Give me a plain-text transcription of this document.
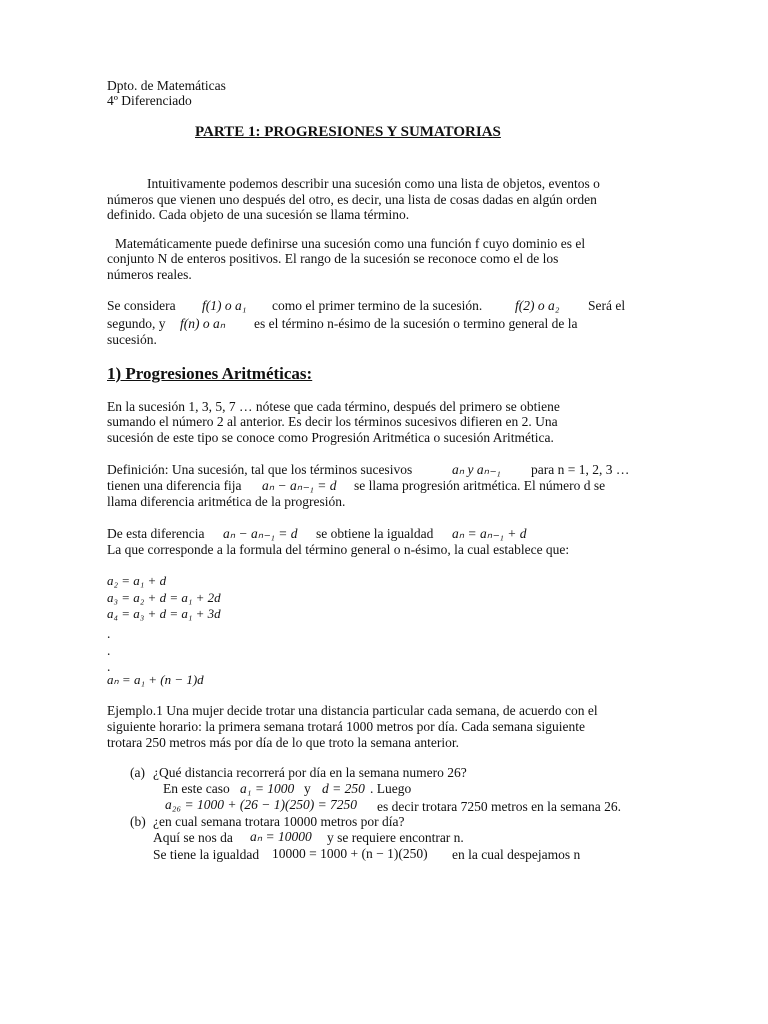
Dpto. de Matemáticas
4º Diferenciado
PARTE 1: PROGRESIONES Y SUMATORIAS
Intuitivamente podemos describir una sucesión como una lista de objetos, eventos o
números que vienen uno después del otro, es decir, una lista de cosas dadas en algún orden
definido. Cada objeto de una sucesión se llama término.
Matemáticamente puede definirse una sucesión como una función f cuyo dominio es el
conjunto N de enteros positivos. El rango de la sucesión se reconoce como el de los
números reales.
Se considera f(1) o a₁ como el primer termino de la sucesión. f(2) o a₂ Será el
segundo, y f(n) o aₙ es el término n-ésimo de la sucesión o termino general de la
sucesión.
1) Progresiones Aritméticas:
En la sucesión 1, 3, 5, 7 … nótese que cada término, después del primero se obtiene
sumando el número 2 al anterior. Es decir los términos sucesivos difieren en 2. Una
sucesión de este tipo se conoce como Progresión Aritmética o sucesión Aritmética.
Definición: Una sucesión, tal que los términos sucesivos	aₙ y aₙ₋₁ para n = 1, 2, 3 …
tienen una diferencia fija aₙ − aₙ₋₁ = d se llama progresión aritmética. El número d se
llama diferencia aritmética de la progresión.
De esta diferencia aₙ − aₙ₋₁ = d se obtiene la igualdad aₙ = aₙ₋₁ + d
La que corresponde a la formula del término general o n-ésimo, la cual establece que:
a₂ = a₁ + d
a₃ = a₂ + d = a₁ + 2d
a₄ = a₃ + d = a₁ + 3d
.
.
.
aₙ = a₁ + (n − 1)d
Ejemplo.1 Una mujer decide trotar una distancia particular cada semana, de acuerdo con el
siguiente horario: la primera semana trotará 1000 metros por día. Cada semana siguiente
trotara 250 metros más por día de lo que troto la semana anterior.
(a) ¿Qué distancia recorrerá por día en la semana numero 26?
En este caso a₁ = 1000 y d = 250 . Luego
a₂₆ = 1000 + (26 − 1)(250) = 7250 es decir trotara 7250 metros en la semana 26.
(b) ¿en cual semana trotara 10000 metros por día?
Aquí se nos da aₙ = 10000 y se requiere encontrar n.
Se tiene la igualdad 10000 = 1000 + (n − 1)(250) en la cual despejamos n
